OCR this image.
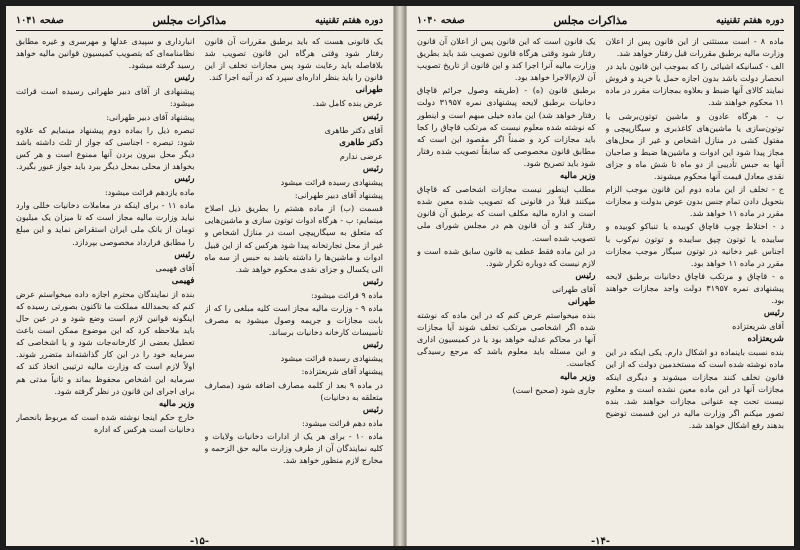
دوره هفتم تقنینیه
مذاکرات مجلس
صفحه ۱۰۴۱

یک قانونی هست که باید برطبق مقررات آن قانون رفتار شود وقتی هرگاه این قانون تصویب شد بلافاصله باید رعایت شود پس مجازات تخلف از این قانون را باید بنظر اداره‌ای سپرد که در آتیه اجرا کند.

طهرانی

عرض بنده کامل شد.

رئیس

آقای دکتر طاهری

دکتر طاهری

عرضی ندارم

رئیس

پیشنهادی رسیده قرائت میشود

پیشنهاد آقای دبیر طهرانی:

قسمت (ب) از ماده هشتم را بطریق ذیل اصلاح مینمایم: ب - هرگاه ادوات توتون سازی و ماشین‌هایی که متعلق به سیگارپیچی است در منازل اشخاص و غیر از محل تجارتخانه پیدا شود هرکس که از این قبیل ادوات و ماشین‌ها را داشته باشد به حبس از سه ماه الی یکسال و جزای نقدی محکوم خواهد شد.

رئیس

ماده ۹ قرائت میشود:

ماده ۹ - وزارت مالیه مجاز است کلیه مبلغی را که از بابت مجازات و جریمه وصول میشود به مصرف تأسیسات کارخانه دخانیات برساند.

رئیس

پیشنهادی رسیده قرائت میشود

پیشنهاد آقای شریعتزاده:

در ماده ۹ بعد از کلمه مصارف اضافه شود (مصارف متعلقه به دخانیات)

رئیس

ماده دهم قرائت میشود:

ماده ۱۰ - برای هر یک از ادارات دخانیات ولایات و کلیه نمایندگان آن از طرف وزارت مالیه حق الزحمه و مخارج لازم منظور خواهد شد.

انبارداری و سپیدی عدلها و مهرسری و غیره مطابق نظامنامه‌ای که بتصویب کمیسیون قوانین مالیه خواهد رسید گرفته میشود.

رئیس

پیشنهادی از آقای دبیر طهرانی رسیده است قرائت میشود:

پیشنهاد آقای دبیر طهرانی:

تبصره ذیل را بماده دوم پیشنهاد مینمایم که علاوه شود: تبصره - اجناسی که جواز از ثلث داشته باشد دیگر محل بیرون بردن آنها ممنوع است و هر کس بخواهد از محلی بمحل دیگر ببرد باید جواز عبور بگیرد.

رئیس

ماده یازدهم قرائت میشود:

ماده ۱۱ - برای اینکه در معاملات دخانیات خللی وارد نیاید وزارت مالیه مجاز است که تا میزان یک میلیون تومان از بانک ملی ایران استقراض نماید و این مبلغ را مطابق قرارداد مخصوصی بپردازد.

رئیس

آقای فهیمی

فهیمی

بنده از نمایندگان محترم اجازه داده میخواستم عرض کنم که بحمدالله مملکت ما تاکنون بصورتی رسیده که اینگونه قوانین لازم است وضع شود و در عین حال باید ملاحظه کرد که این موضوع ممکن است باعث تعطیل بعضی از کارخانه‌جات شود و یا اشخاصی که سرمایه خود را در این کار گذاشته‌اند متضرر شوند. اولاً لازم است که وزارت مالیه ترتیبی اتخاذ کند که سرمایه این اشخاص محفوظ بماند و ثانیاً مدتی هم برای اجرای این قانون در نظر گرفته شود.

وزیر مالیه

خارج حکم اینجا نوشته شده است که مربوط بانحصار دخانیات است هرکس که اداره

-۱۵-
دوره هفتم تقنینیه
مذاکرات مجلس
صفحه ۱۰۴۰

ماده ۸ - است مستثنی از این قانون پس از اعلان وزارت مالیه برطبق مقررات قبل رفتار خواهد شد.

الف - کسانیکه اشیائی را که بموجب این قانون باید در انحصار دولت باشد بدون اجازه حمل یا خرید و فروش نمایند کالای آنها ضبط و بعلاوه بمجازات مقرر در ماده ۱۱ محکوم خواهند شد.

ب - هرگاه عادون و ماشین توتون‌برشی یا توتون‌سازی یا ماشین‌های کاغذبری و سیگارپیچی و مفتول کشی در منازل اشخاص و غیر از محل‌های مجاز پیدا شود این ادوات و ماشین‌ها ضبط و صاحبان آنها به حبس تأدیبی از دو ماه تا شش ماه و جزای نقدی معادل قیمت آنها محکوم میشوند.

ج - تخلف از این ماده دوم این قانون موجب الزام بتحویل دادن تمام جنس بدون عوض بدولت و مجازات مقرر در ماده ۱۱ خواهد شد.

د - اختلاط چوب قاچاق کوبیده یا تنباکو کوبیده و ساییده یا توتون چپق ساییده و توتون نم‌کوب با اجناس غیر دخانیه در توتون سیگار موجب مجازات مقرر در ماده ۱۱ خواهد بود.

ه - قاچاق و مرتکب قاچاق دخانیات برطبق لایحه پیشنهادی نمره ۳۱۹۵۷ دولت واجد مجازات خواهند بود.

رئیس

آقای شریعتزاده

شریعتزاده

بنده نسبت باینماده دو اشکال دارم. یکی اینکه در این ماده نوشته شده است که مستخدمین دولت که از این قانون تخلف کنند مجازات میشوند و دیگری اینکه مجازات آنها در این ماده معین نشده است و معلوم نیست تحت چه عنوانی مجازات خواهند شد. بنده تصور میکنم اگر وزارت مالیه در این قسمت توضیح بدهند رفع اشکال خواهد شد.

یک قانون است که این قانون پس از اعلان آن قانون رفتار شود وقتی هرگاه قانون تصویب شد باید بطریق وزارت مالیه آنرا اجرا کند و این قانون از تاریخ تصویب آن لازم‌الاجرا خواهد بود.

برطبق قانون (ه) - (طریقه وصول جرائم قاچاق دخانیات برطبق لایحه پیشنهادی نمره ۳۱۹۵۷ دولت رفتار خواهد شد) این ماده خیلی مبهم است و اینطور که نوشته شده معلوم نیست که مرتکب قاچاق را کجا باید مجازات کرد و ضمناً اگر مقصود این است که مطابق قانون مخصوصی که سابقاً تصویب شده رفتار شود باید تصریح شود.

وزیر مالیه

مطلب اینطور نیست مجازات اشخاصی که قاچاق میکنند قبلاً در قانونی که تصویب شده معین شده است و اداره مالیه مکلف است که برطبق آن قانون رفتار کند و آن قانون هم در مجلس شورای ملی تصویب شده است.

در این ماده فقط عطف به قانون سابق شده است و لازم نیست که دوباره تکرار شود.

رئیس

آقای طهرانی

طهرانی

بنده میخواستم عرض کنم که در این ماده که نوشته شده اگر اشخاصی مرتکب تخلف شوند آیا مجازات آنها در محاکم عدلیه خواهد بود یا در کمیسیون اداری و این مسئله باید معلوم باشد که مرجع رسیدگی کجاست.

وزیر مالیه

جاری شود (صحیح است)

-۱۴-
